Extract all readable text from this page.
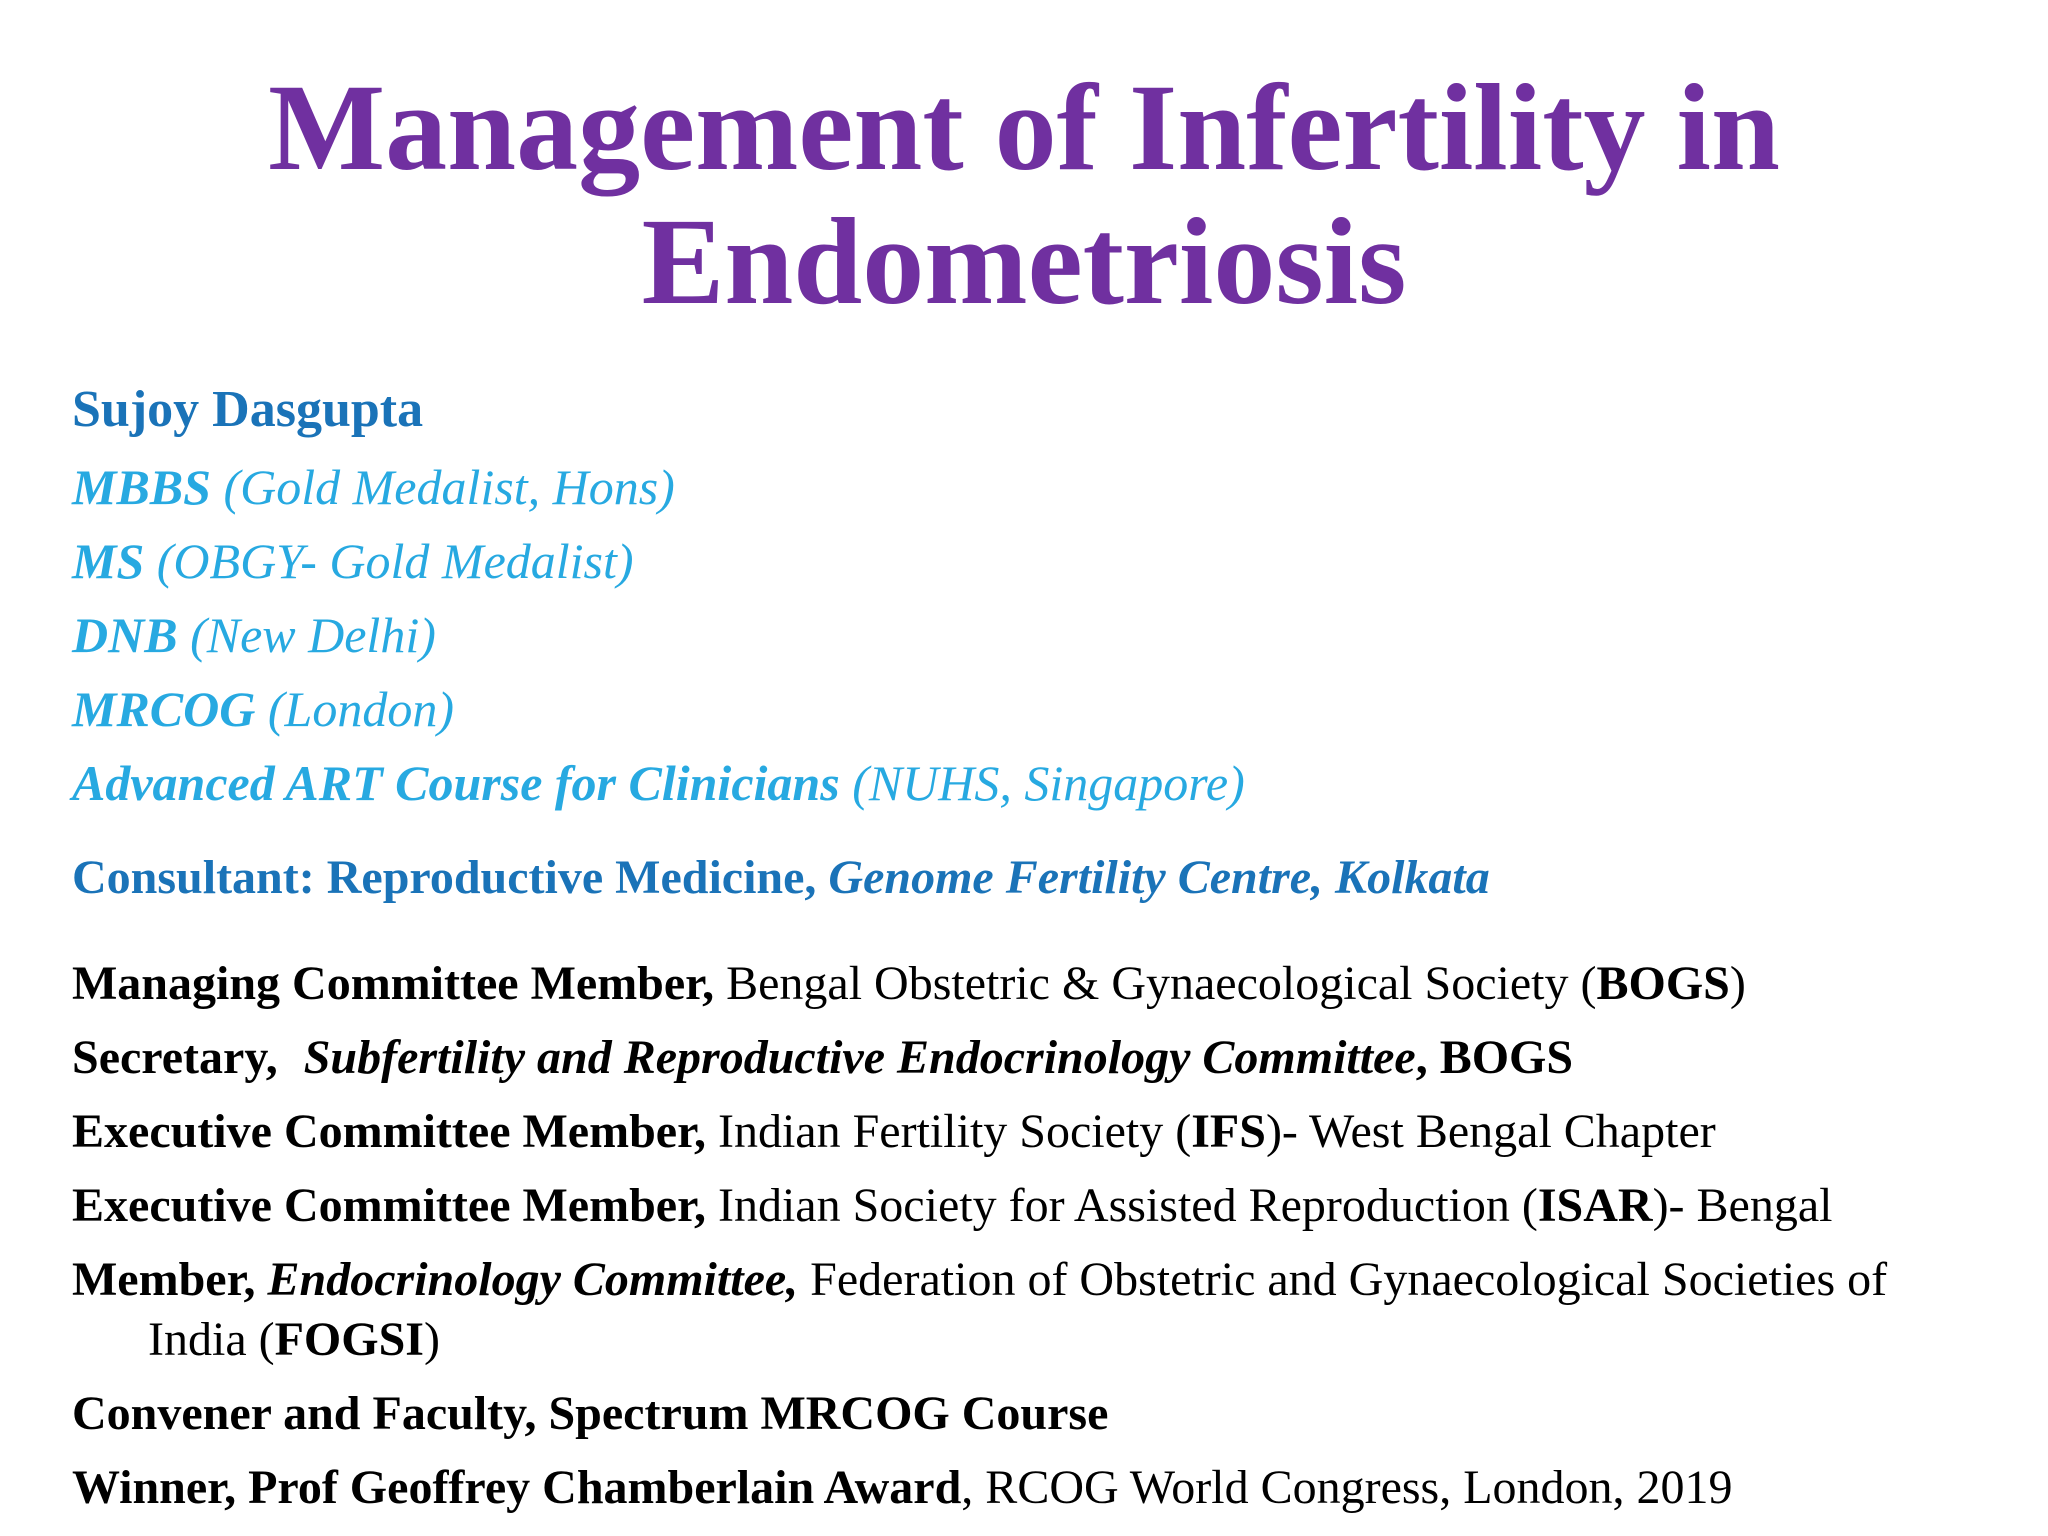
Management of Infertility in
Endometriosis
Sujoy Dasgupta
MBBS (Gold Medalist, Hons)
MS (OBGY- Gold Medalist)
DNB (New Delhi)
MRCOG (London)
Advanced ART Course for Clinicians (NUHS, Singapore)
Consultant: Reproductive Medicine, Genome Fertility Centre, Kolkata
Managing Committee Member, Bengal Obstetric & Gynaecological Society (BOGS)
Secretary, Subfertility and Reproductive Endocrinology Committee, BOGS
Executive Committee Member, Indian Fertility Society (IFS)- West Bengal Chapter
Executive Committee Member, Indian Society for Assisted Reproduction (ISAR)- Bengal
Member, Endocrinology Committee, Federation of Obstetric and Gynaecological Societies of
India (FOGSI)
Convener and Faculty, Spectrum MRCOG Course
Winner, Prof Geoffrey Chamberlain Award, RCOG World Congress, London, 2019
